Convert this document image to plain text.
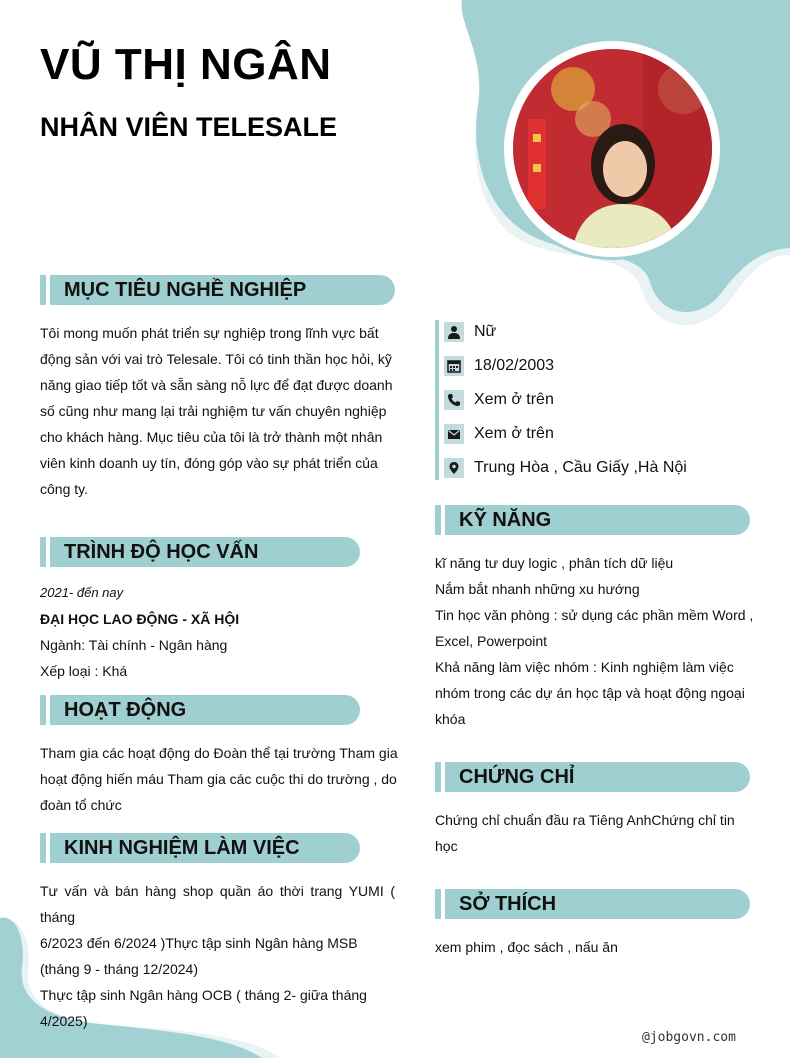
VŨ THỊ NGÂN
NHÂN VIÊN TELESALE
MỤC TIÊU NGHỀ NGHIỆP
Tôi mong muốn phát triển sự nghiệp trong lĩnh vực bất
động sản với vai trò Telesale. Tôi có tinh thần học hỏi, kỹ
năng giao tiếp tốt và sẵn sàng nỗ lực để đạt được doanh
số cũng như mang lại trải nghiệm tư vấn chuyên nghiệp
cho khách hàng. Mục tiêu của tôi là trở thành một nhân
viên kinh doanh uy tín, đóng góp vào sự phát triển của
công ty.
TRÌNH ĐỘ HỌC VẤN
2021- đến nay
ĐẠI HỌC LAO ĐỘNG - XÃ HỘI
Ngành: Tài chính - Ngân hàng
Xếp loại : Khá
HOẠT ĐỘNG
Tham gia các hoạt động do Đoàn thể tại trường Tham gia
hoạt động hiến máu Tham gia các cuộc thi do trường , do
đoàn tổ chức
KINH NGHIỆM LÀM VIỆC
Tư vấn và bán hàng shop quần áo thời trang YUMI ( tháng
6/2023 đến 6/2024 )Thực tập sinh Ngân hàng MSB
(tháng 9 - tháng 12/2024)
Thực tập sinh Ngân hàng OCB ( tháng 2- giữa tháng
4/2025)
Nữ
18/02/2003
Xem ở trên
Xem ở trên
Trung Hòa , Cầu Giấy ,Hà Nội
KỸ NĂNG
kĩ năng tư duy logic , phân tích dữ liệu
Nắm bắt nhanh những xu hướng
Tin học văn phòng : sử dụng các phần mềm Word ,
Excel, Powerpoint
Khả năng làm việc nhóm : Kinh nghiệm làm việc
nhóm trong các dự án học tập và hoạt động ngoại
khóa
CHỨNG CHỈ
Chứng chỉ chuẩn đầu ra Tiêng AnhChứng chỉ tin
học
SỞ THÍCH
xem phim , đọc sách , nấu ăn
@jobgovn.com
